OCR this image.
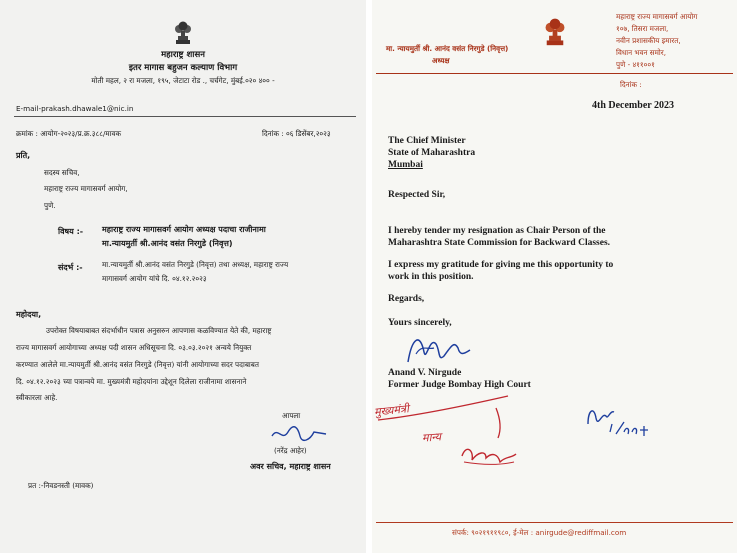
महाराष्ट्र शासन
इतर मागास बहुजन कल्याण विभाग
मोती महल, २ रा मजला, १९५, जेटाटा रोड ., चर्चगेट, मुंबई.०२० ४०० -
E-mail-prakash.dhawale1@nic.in
क्रमांक : आयोग-२०२३/प्र.क्र.३८८/मावक	दिनांक : ०६ डिसेंबर,२०२३
प्रति,
सदस्य सचिव,
महाराष्ट्र राज्य मागासवर्ग आयोग,
पुणे.
विषय :- महाराष्ट्र राज्य मागासवर्ग आयोग अध्यक्ष पदाचा राजीनामा
मा.न्यायमुर्ती श्री.आनंद वसंत निरगुडे (निवृत्त)
संदर्भ :-	मा.न्यायमुर्ती श्री.आनंद वसंत निरगुडे (निवृत्त) तथा अध्यक्ष, महाराष्ट्र राज्य
मागासवर्ग आयोग यांचे दि. ०४.१२.२०२३
महोदया,
उपरोक्त विषयाबाबत संदर्भाधीन पत्रास अनुसरुन आपणास कळविण्यात येते की, महाराष्ट्र
राज्य मागासवर्ग आयोगाच्या अध्यक्ष पदी शासन अधिसूचना दि. ०३.०३.२०२१ अन्वये नियुक्त
करण्यात आलेले मा.न्यायमुर्ती श्री.आनंद वसंत निरगुडे (निवृत्त) यांनी आयोगाच्या सदर पदाबाबत
दि. ०४.१२.२०२३ च्या पत्रान्वये मा. मुख्यमंत्री महोदयांना उद्देशून दिलेला राजीनामा शासनाने
स्वीकारला आहे.
आपला
(नरेंद्र आहेर)
अवर सचिव, महाराष्ट्र शासन
प्रत :-निवडनस्ती (मावक)
मा. न्यायमुर्ती श्री. आनंद वसंत निरगुडे (निवृत्त)
अध्यक्ष
महाराष्ट्र राज्य मागासवर्ग आयोग
१०७, तिसरा मजला,
नवीन प्रशासकीय इमारत,
विधान भवन समोर,
पुणे - ४११००१
दिनांक :
4th December 2023
The Chief Minister
State of Maharashtra
Mumbai
Respected Sir,
I hereby tender my resignation as Chair Person of the
Maharashtra State Commission for Backward Classes.
I express my gratitude for giving me this opportunity to
work in this position.
Regards,
Yours sincerely,
Anand V. Nirgude
Former Judge Bombay High Court
मुख्यमंत्री
मान्य
संपर्क: ९०२१९११९८०, ई-मेल : anirgude@rediffmail.com
